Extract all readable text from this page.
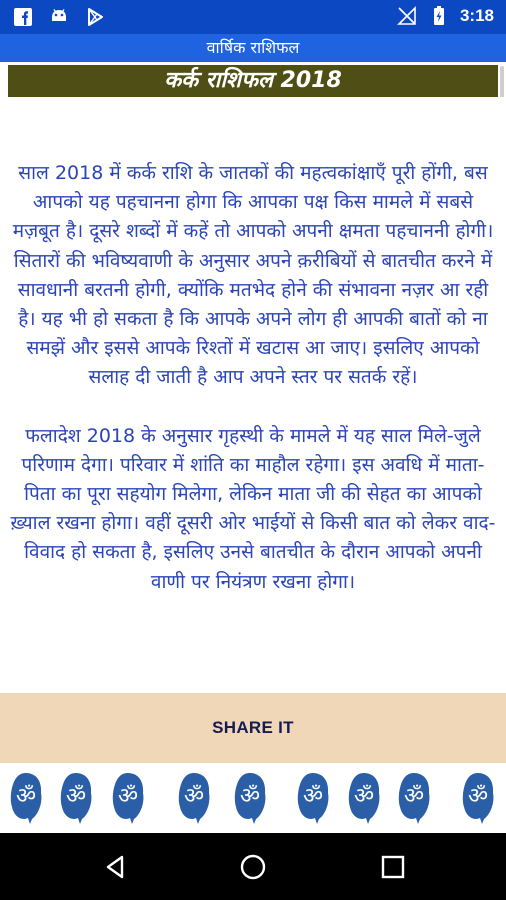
3:18
वार्षिक राशिफल
कर्क राशिफल 2018

साल 2018 में कर्क राशि के जातकों की महत्वकांक्षाएँ पूरी होंगी, बस आपको यह पहचानना होगा कि आपका पक्ष किस मामले में सबसे मज़बूत है। दूसरे शब्दों में कहें तो आपको अपनी क्षमता पहचाननी होगी। सितारों की भविष्यवाणी के अनुसार अपने क़रीबियों से बातचीत करने में सावधानी बरतनी होगी, क्योंकि मतभेद होने की संभावना नज़र आ रही है। यह भी हो सकता है कि आपके अपने लोग ही आपकी बातों को ना समझें और इससे आपके रिश्तों में खटास आ जाए। इसलिए आपको सलाह दी जाती है आप अपने स्तर पर सतर्क रहें।

फलादेश 2018 के अनुसार गृहस्थी के मामले में यह साल मिले-जुले परिणाम देगा। परिवार में शांति का माहौल रहेगा। इस अवधि में माता-पिता का पूरा सहयोग मिलेगा, लेकिन माता जी की सेहत का आपको ख़्याल रखना होगा। वहीं दूसरी ओर भाईयों से किसी बात को लेकर वाद-विवाद हो सकता है, इसलिए उनसे बातचीत के दौरान आपको अपनी वाणी पर नियंत्रण रखना होगा।

SHARE IT
ॐ ॐ ॐ ॐ ॐ ॐ ॐ ॐ ॐ
